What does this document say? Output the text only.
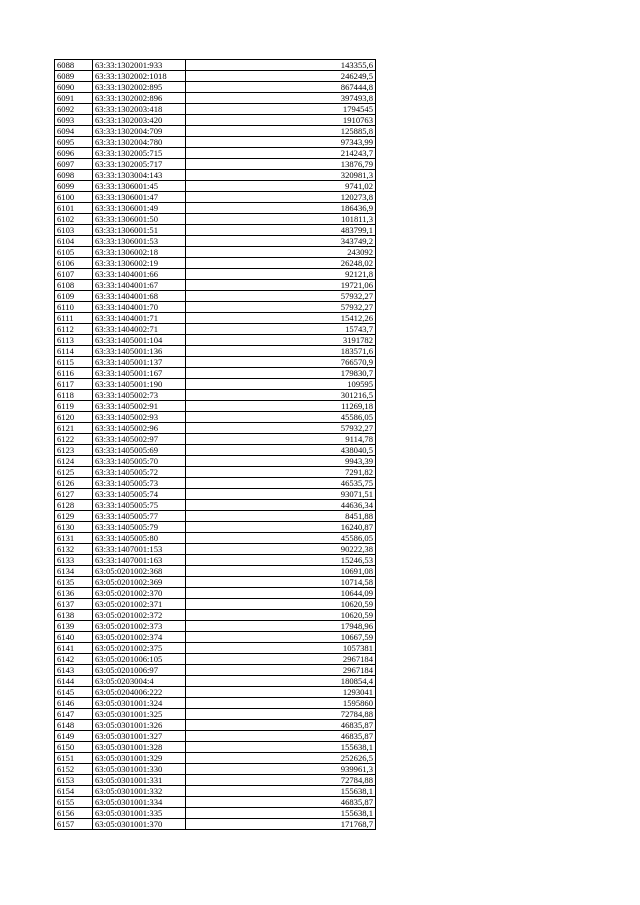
6088	63:33:1302001:933	143355,6
6089	63:33:1302002:1018	246249,5
6090	63:33:1302002:895	867444,8
6091	63:33:1302002:896	397493,8
6092	63:33:1302003:418	1794545
6093	63:33:1302003:420	1910763
6094	63:33:1302004:709	125885,8
6095	63:33:1302004:780	97343,99
6096	63:33:1302005:715	214243,7
6097	63:33:1302005:717	13876,79
6098	63:33:1303004:143	320981,3
6099	63:33:1306001:45	9741,02
6100	63:33:1306001:47	120273,8
6101	63:33:1306001:49	186436,9
6102	63:33:1306001:50	101811,3
6103	63:33:1306001:51	483799,1
6104	63:33:1306001:53	343749,2
6105	63:33:1306002:18	243092
6106	63:33:1306002:19	26248,02
6107	63:33:1404001:66	92121,8
6108	63:33:1404001:67	19721,06
6109	63:33:1404001:68	57932,27
6110	63:33:1404001:70	57932,27
6111	63:33:1404001:71	15412,26
6112	63:33:1404002:71	15743,7
6113	63:33:1405001:104	3191782
6114	63:33:1405001:136	183571,6
6115	63:33:1405001:137	766570,9
6116	63:33:1405001:167	179830,7
6117	63:33:1405001:190	109595
6118	63:33:1405002:73	301216,5
6119	63:33:1405002:91	11269,18
6120	63:33:1405002:93	45586,05
6121	63:33:1405002:96	57932,27
6122	63:33:1405002:97	9114,78
6123	63:33:1405005:69	438040,5
6124	63:33:1405005:70	9943,39
6125	63:33:1405005:72	7291,82
6126	63:33:1405005:73	46535,75
6127	63:33:1405005:74	93071,51
6128	63:33:1405005:75	44636,34
6129	63:33:1405005:77	8451,88
6130	63:33:1405005:79	16240,87
6131	63:33:1405005:80	45586,05
6132	63:33:1407001:153	90222,38
6133	63:33:1407001:163	15246,53
6134	63:05:0201002:368	10691,08
6135	63:05:0201002:369	10714,58
6136	63:05:0201002:370	10644,09
6137	63:05:0201002:371	10620,59
6138	63:05:0201002:372	10620,59
6139	63:05:0201002:373	17948,96
6140	63:05:0201002:374	10667,59
6141	63:05:0201002:375	1057381
6142	63:05:0201006:105	2967184
6143	63:05:0201006:97	2967184
6144	63:05:0203004:4	180854,4
6145	63:05:0204006:222	1293041
6146	63:05:0301001:324	1595860
6147	63:05:0301001:325	72784,88
6148	63:05:0301001:326	46835,87
6149	63:05:0301001:327	46835,87
6150	63:05:0301001:328	155638,1
6151	63:05:0301001:329	252626,5
6152	63:05:0301001:330	939961,3
6153	63:05:0301001:331	72784,88
6154	63:05:0301001:332	155638,1
6155	63:05:0301001:334	46835,87
6156	63:05:0301001:335	155638,1
6157	63:05:0301001:370	171768,7
